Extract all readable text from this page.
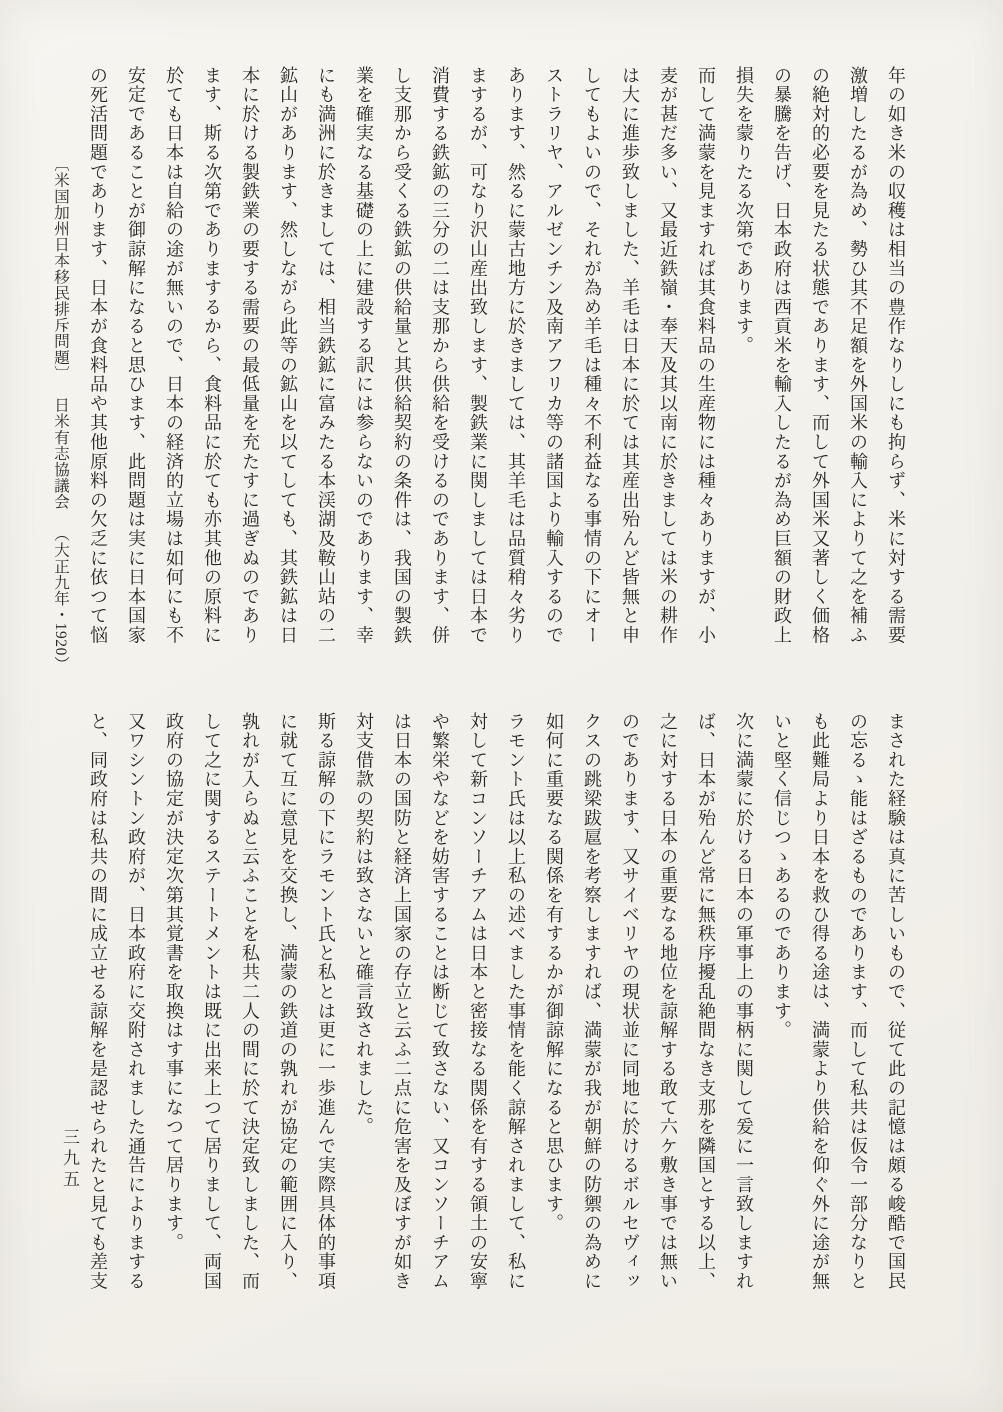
年の如き米の収穫は相当の豊作なりしにも拘らず、米に対する需要
激増したるが為め、勢ひ其不足額を外国米の輸入によりて之を補ふ
の絶対的必要を見たる状態であります、而して外国米又著しく価格
の暴騰を告げ、日本政府は西貢米を輸入したるが為め巨額の財政上
損失を蒙りたる次第であります。
而して満蒙を見ますれば其食料品の生産物には種々ありますが、小
麦が甚だ多い、又最近鉄嶺・奉天及其以南に於きましては米の耕作
は大に進歩致しました、羊毛は日本に於ては其産出殆んど皆無と申
してもよいので、それが為め羊毛は種々不利益なる事情の下にオー
ストラリヤ、アルゼンチン及南アフリカ等の諸国より輸入するので
あります、然るに蒙古地方に於きましては、其羊毛は品質稍々劣り
まするが、可なり沢山産出致します、製鉄業に関しましては日本で
消費する鉄鉱の三分の二は支那から供給を受けるのであります、併
し支那から受くる鉄鉱の供給量と其供給契約の条件は、我国の製鉄
業を確実なる基礎の上に建設する訳には参らないのであります、幸
にも満洲に於きましては、相当鉄鉱に富みたる本渓湖及鞍山站の二
鉱山があります、然しながら此等の鉱山を以てしても、其鉄鉱は日
本に於ける製鉄業の要する需要の最低量を充たすに過ぎぬのであり
ます、斯る次第でありまするから、食料品に於ても亦其他の原料に
於ても日本は自給の途が無いので、日本の経済的立場は如何にも不
安定であることが御諒解になると思ひます、此問題は実に日本国家
の死活問題であります、日本が食料品や其他原料の欠乏に依つて悩
〔米国加州日本移民排斥問題〕日米有志協議会（大正九年・1920）
まされた経験は真に苦しいもので、従て此の記憶は頗る峻酷で国民
の忘るゝ能はざるものであります、而して私共は仮令一部分なりと
も此難局より日本を救ひ得る途は、満蒙より供給を仰ぐ外に途が無
いと堅く信じつゝあるのであります。
次に満蒙に於ける日本の軍事上の事柄に関して爰に一言致しますれ
ば、日本が殆んど常に無秩序擾乱絶間なき支那を隣国とする以上、
之に対する日本の重要なる地位を諒解する敢て六ケ敷き事では無い
のであります、又サイベリヤの現状並に同地に於けるボルセヴィッ
クスの跳梁跋扈を考察しますれば、満蒙が我が朝鮮の防禦の為めに
如何に重要なる関係を有するかが御諒解になると思ひます。
ラモント氏は以上私の述べました事情を能く諒解されまして、私に
対して新コンソーチアムは日本と密接なる関係を有する領土の安寧
や繁栄やなどを妨害することは断じて致さない、又コンソーチアム
は日本の国防と経済上国家の存立と云ふ二点に危害を及ぼすが如き
対支借款の契約は致さないと確言致されました。
斯る諒解の下にラモント氏と私とは更に一歩進んで実際具体的事項
に就て互に意見を交換し、満蒙の鉄道の孰れが協定の範囲に入り、
孰れが入らぬと云ふことを私共二人の間に於て決定致しました、而
して之に関するステートメントは既に出来上つて居りまして、両国
政府の協定が決定次第其覚書を取換はす事になつて居ります。
又ワシントン政府が、日本政府に交附されました通告によりまする
と、同政府は私共の間に成立せる諒解を是認せられたと見ても差支
三九五
